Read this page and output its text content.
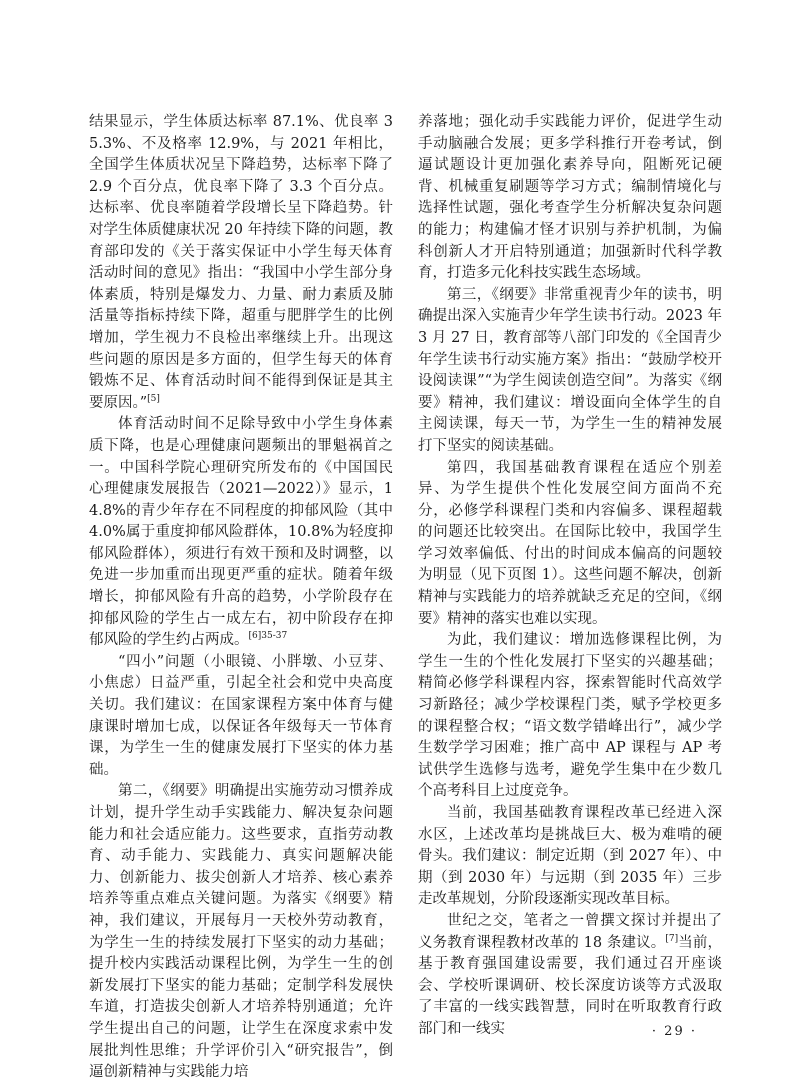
结果显示，学生体质达标率 87.1%、优良率 35.3%、不及格率 12.9%，与 2021 年相比，全国学生体质状况呈下降趋势，达标率下降了 2.9 个百分点，优良率下降了 3.3 个百分点。达标率、优良率随着学段增长呈下降趋势。针对学生体质健康状况 20 年持续下降的问题，教育部印发的《关于落实保证中小学生每天体育活动时间的意见》指出：“我国中小学生部分身体素质，特别是爆发力、力量、耐力素质及肺活量等指标持续下降，超重与肥胖学生的比例增加，学生视力不良检出率继续上升。出现这些问题的原因是多方面的，但学生每天的体育锻炼不足、体育活动时间不能得到保证是其主要原因。”[5]

体育活动时间不足除导致中小学生身体素质下降，也是心理健康问题频出的罪魁祸首之一。中国科学院心理研究所发布的《中国国民心理健康发展报告（2021—2022）》显示，14.8%的青少年存在不同程度的抑郁风险（其中 4.0%属于重度抑郁风险群体，10.8%为轻度抑郁风险群体），须进行有效干预和及时调整，以免进一步加重而出现更严重的症状。随着年级增长，抑郁风险有升高的趋势，小学阶段存在抑郁风险的学生占一成左右，初中阶段存在抑郁风险的学生约占两成。$^{[6]35-37}$

“四小”问题（小眼镜、小胖墩、小豆芽、小焦虑）日益严重，引起全社会和党中央高度关切。我们建议：在国家课程方案中体育与健康课时增加七成，以保证各年级每天一节体育课，为学生一生的健康发展打下坚实的体力基础。

第二，《纲要》明确提出实施劳动习惯养成计划，提升学生动手实践能力、解决复杂问题能力和社会适应能力。这些要求，直指劳动教育、动手能力、实践能力、真实问题解决能力、创新能力、拔尖创新人才培养、核心素养培养等重点难点关键问题。为落实《纲要》精神，我们建议，开展每月一天校外劳动教育，为学生一生的持续发展打下坚实的动力基础；提升校内实践活动课程比例，为学生一生的创新发展打下坚实的能力基础；定制学科发展快车道，打造拔尖创新人才培养特别通道；允许学生提出自己的问题，让学生在深度求索中发展批判性思维；升学评价引入“研究报告”，倒逼创新精神与实践能力培

养落地；强化动手实践能力评价，促进学生动手动脑融合发展；更多学科推行开卷考试，倒逼试题设计更加强化素养导向，阻断死记硬背、机械重复刷题等学习方式；编制情境化与选择性试题，强化考查学生分析解决复杂问题的能力；构建偏才怪才识别与养护机制，为偏科创新人才开启特别通道；加强新时代科学教育，打造多元化科技实践生态场域。

第三，《纲要》非常重视青少年的读书，明确提出深入实施青少年学生读书行动。2023 年 3 月 27 日，教育部等八部门印发的《全国青少年学生读书行动实施方案》指出：“鼓励学校开设阅读课”“为学生阅读创造空间”。为落实《纲要》精神，我们建议：增设面向全体学生的自主阅读课，每天一节，为学生一生的精神发展打下坚实的阅读基础。

第四，我国基础教育课程在适应个别差异、为学生提供个性化发展空间方面尚不充分，必修学科课程门类和内容偏多、课程超载的问题还比较突出。在国际比较中，我国学生学习效率偏低、付出的时间成本偏高的问题较为明显（见下页图 1）。这些问题不解决，创新精神与实践能力的培养就缺乏充足的空间，《纲要》精神的落实也难以实现。

为此，我们建议：增加选修课程比例，为学生一生的个性化发展打下坚实的兴趣基础；精简必修学科课程内容，探索智能时代高效学习新路径；减少学校课程门类，赋予学校更多的课程整合权；“语文数学错峰出行”，减少学生数学学习困难；推广高中 AP 课程与 AP 考试供学生选修与选考，避免学生集中在少数几个高考科目上过度竞争。

当前，我国基础教育课程改革已经进入深水区，上述改革均是挑战巨大、极为难啃的硬骨头。我们建议：制定近期（到 2027 年）、中期（到 2030 年）与远期（到 2035 年）三步走改革规划，分阶段逐渐实现改革目标。

世纪之交，笔者之一曾撰文探讨并提出了义务教育课程教材改革的 18 条建议。[7]当前，基于教育强国建设需要，我们通过召开座谈会、学校听课调研、校长深度访谈等方式汲取了丰富的一线实践智慧，同时在听取教育行政部门和一线实	· 29 ·
